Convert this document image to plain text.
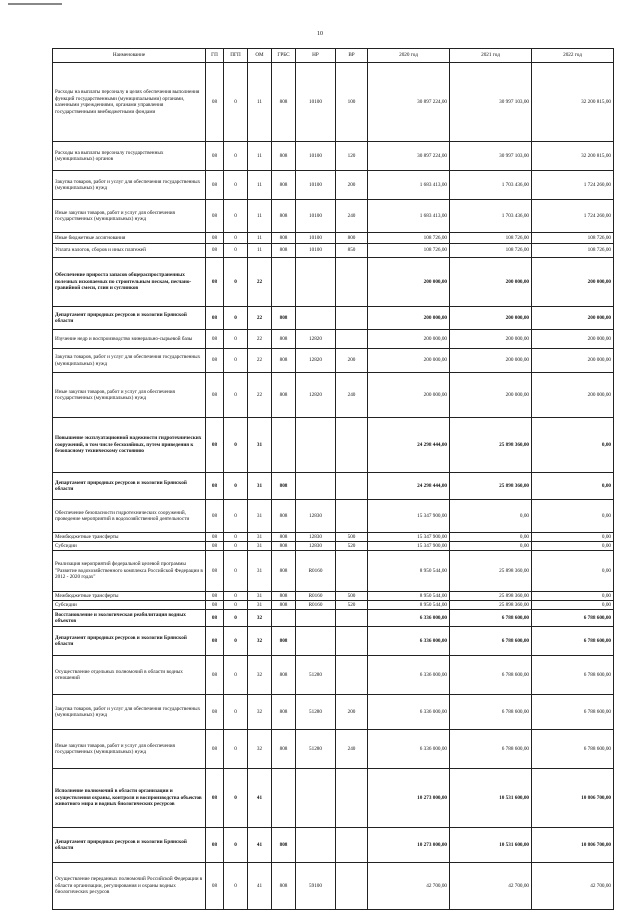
10
Наименование	ГП	ПГП	ОМ	ГРБС	НР	ВР	2020 год	2021 год	2022 год
Расходы на выплаты персоналу в целях обеспечения выполнения функций государственными (муниципальными) органами, казенными учреждениями, органами управления государственными внебюджетными фондами	08	0	11	808	10100	100	30 897 224,00	30 997 103,00	32 200 815,00
Расходы на выплаты персоналу государственных (муниципальных) органов	08	0	11	808	10100	120	30 897 224,00	30 997 103,00	32 200 815,00
Закупка товаров, работ и услуг для обеспечения государственных (муниципальных) нужд	08	0	11	808	10100	200	1 683 413,00	1 703 436,00	1 724 260,00
Иные закупки товаров, работ и услуг для обеспечения государственных (муниципальных) нужд	08	0	11	808	10100	240	1 683 413,00	1 703 436,00	1 724 260,00
Иные бюджетные ассигнования	08	0	11	808	10100	800	108 726,00	108 726,00	108 726,00
Уплата налогов, сборов и иных платежей	08	0	11	808	10100	850	108 726,00	108 726,00	108 726,00
Обеспечение прироста запасов общераспространенных полезных ископаемых по строительным пескам, песчано-гравийной смеси, глин и суглинков	08	0	22				200 000,00	200 000,00	200 000,00
Департамент природных ресурсов и экологии Брянской области	08	0	22	808			200 000,00	200 000,00	200 000,00
Изучение недр и воспроизводство минерально-сырьевой базы	08	0	22	808	12820		200 000,00	200 000,00	200 000,00
Закупка товаров, работ и услуг для обеспечения государственных (муниципальных) нужд	08	0	22	808	12820	200	200 000,00	200 000,00	200 000,00
Иные закупки товаров, работ и услуг для обеспечения государственных (муниципальных) нужд	08	0	22	808	12820	240	200 000,00	200 000,00	200 000,00
Повышение эксплуатационной надежности гидротехнических сооружений, в том числе бесхозяйных, путем приведения к безопасному техническому состоянию	08	0	31				24 298 444,00	25 898 360,00	0,00
Департамент природных ресурсов и экологии Брянской области	08	0	31	808			24 298 444,00	25 898 360,00	0,00
Обеспечение безопасности гидротехнических сооружений, проведение мероприятий в водохозяйственной деятельности	08	0	31	808	12830		15 347 900,00	0,00	0,00
Межбюджетные трансферты	08	0	31	808	12830	500	15 347 900,00	0,00	0,00
Субсидии	08	0	31	808	12830	520	15 347 900,00	0,00	0,00
Реализация мероприятий федеральной целевой программы "Развитие водохозяйственного комплекса Российской Федерации в 2012 - 2020 годах"	08	0	31	808	R0160		8 950 544,00	25 898 360,00	0,00
Межбюджетные трансферты	08	0	31	808	R0160	500	8 950 544,00	25 898 360,00	0,00
Субсидии	08	0	31	808	R0160	520	8 950 544,00	25 898 360,00	0,00
Восстановление и экологическая реабилитация водных объектов	08	0	32				6 336 000,00	6 788 600,00	6 788 600,00
Департамент природных ресурсов и экологии Брянской области	08	0	32	808			6 336 000,00	6 788 600,00	6 788 600,00
Осуществление отдельных полномочий в области водных отношений	08	0	32	808	51280		6 336 000,00	6 788 600,00	6 788 600,00
Закупка товаров, работ и услуг для обеспечения государственных (муниципальных) нужд	08	0	32	808	51280	200	6 336 000,00	6 788 600,00	6 788 600,00
Иные закупки товаров, работ и услуг для обеспечения государственных (муниципальных) нужд	08	0	32	808	51280	240	6 336 000,00	6 788 600,00	6 788 600,00
Исполнение полномочий в области организации и осуществления охраны, контроля и воспроизводства объектов животного мира и водных биологических ресурсов	08	0	41				10 273 000,00	10 531 600,00	10 806 700,00
Департамент природных ресурсов и экологии Брянской области	08	0	41	808			10 273 000,00	10 531 600,00	10 806 700,00
Осуществление переданных полномочий Российской Федерации в области организации, регулирования и охраны водных биологических ресурсов	08	0	41	808	59100		42 700,00	42 700,00	42 700,00
